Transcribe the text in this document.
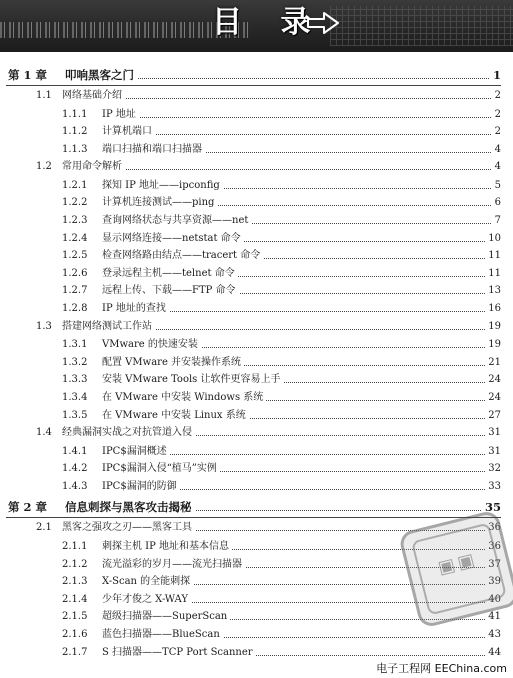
目 录
第 1 章 叩响黑客之门	1
1.1 网络基础介绍	2
1.1.1 IP 地址	2
1.1.2 计算机端口	2
1.1.3 端口扫描和端口扫描器	4
1.2 常用命令解析	4
1.2.1 探知 IP 地址——ipconfig	5
1.2.2 计算机连接测试——ping	6
1.2.3 查询网络状态与共享资源——net	7
1.2.4 显示网络连接——netstat 命令	10
1.2.5 检查网络路由结点——tracert 命令	11
1.2.6 登录远程主机——telnet 命令	11
1.2.7 远程上传、下载——FTP 命令	13
1.2.8 IP 地址的查找	16
1.3 搭建网络测试工作站	19
1.3.1 VMware 的快速安装	19
1.3.2 配置 VMware 并安装操作系统	21
1.3.3 安装 VMware Tools 让软件更容易上手	24
1.3.4 在 VMware 中安装 Windows 系统	24
1.3.5 在 VMware 中安装 Linux 系统	27
1.4 经典漏洞实战之对抗管道入侵	31
1.4.1 IPC$漏洞概述	31
1.4.2 IPC$漏洞入侵“植马”实例	32
1.4.3 IPC$漏洞的防御	33
第 2 章 信息刺探与黑客攻击揭秘	35
2.1 黑客之强攻之刃——黑客工具	36
2.1.1 刺探主机 IP 地址和基本信息	36
2.1.2 流光溢彩的岁月——流光扫描器	37
2.1.3 X-Scan 的全能刺探	39
2.1.4 少年才俊之 X-WAY	40
2.1.5 超级扫描器——SuperScan	41
2.1.6 蓝色扫描器——BlueScan	43
2.1.7 S 扫描器——TCP Port Scanner	44
▣▣
电子工程网 EEChina.com
